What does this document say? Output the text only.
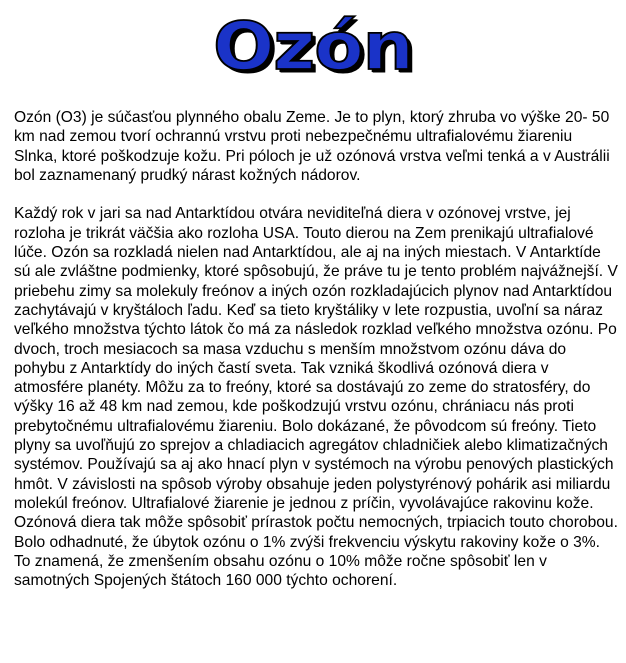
Ozón

Ozón (O3) je súčasťou plynného obalu Zeme. Je to plyn, ktorý zhruba vo výške 20- 50 km nad zemou tvorí ochrannú vrstvu proti nebezpečnému ultrafialovému žiareniu Slnka, ktoré poškodzuje kožu. Pri póloch je už ozónová vrstva veľmi tenká a v Austrálii bol zaznamenaný prudký nárast kožných nádorov.

Každý rok v jari sa nad Antarktídou otvára neviditeľná diera v ozónovej vrstve, jej rozloha je trikrát väčšia ako rozloha USA. Touto dierou na Zem prenikajú ultrafialové lúče. Ozón sa rozkladá nielen nad Antarktídou, ale aj na iných miestach. V Antarktíde sú ale zvláštne podmienky, ktoré spôsobujú, že práve tu je tento problém najvážnejší. V priebehu zimy sa molekuly freónov a iných ozón rozkladajúcich plynov nad Antarktídou zachytávajú v kryštáloch ľadu. Keď sa tieto kryštáliky v lete rozpustia, uvoľní sa náraz veľkého množstva týchto látok čo má za následok rozklad veľkého množstva ozónu. Po dvoch, troch mesiacoch sa masa vzduchu s menším množstvom ozónu dáva do pohybu z Antarktídy do iných častí sveta. Tak vzniká škodlivá ozónová diera v atmosfére planéty. Môžu za to freóny, ktoré sa dostávajú zo zeme do stratosféry, do výšky 16 až 48 km nad zemou, kde poškodzujú vrstvu ozónu, chrániacu nás proti prebytočnému ultrafialovému žiareniu. Bolo dokázané, že pôvodcom sú freóny. Tieto plyny sa uvoľňujú zo sprejov a chladiacich agregátov chladničiek alebo klimatizačných systémov. Používajú sa aj ako hnací plyn v systémoch na výrobu penových plastických hmôt. V závislosti na spôsob výroby obsahuje jeden polystyrénový pohárik asi miliardu molekúl freónov. Ultrafialové žiarenie je jednou z príčin, vyvolávajúce rakovinu kože. Ozónová diera tak môže spôsobiť prírastok počtu nemocných, trpiacich touto chorobou. Bolo odhadnuté, že úbytok ozónu o 1% zvýši frekvenciu výskytu rakoviny kože o 3%. To znamená, že zmenšením obsahu ozónu o 10% môže ročne spôsobiť len v samotných Spojených štátoch 160 000 týchto ochorení.
